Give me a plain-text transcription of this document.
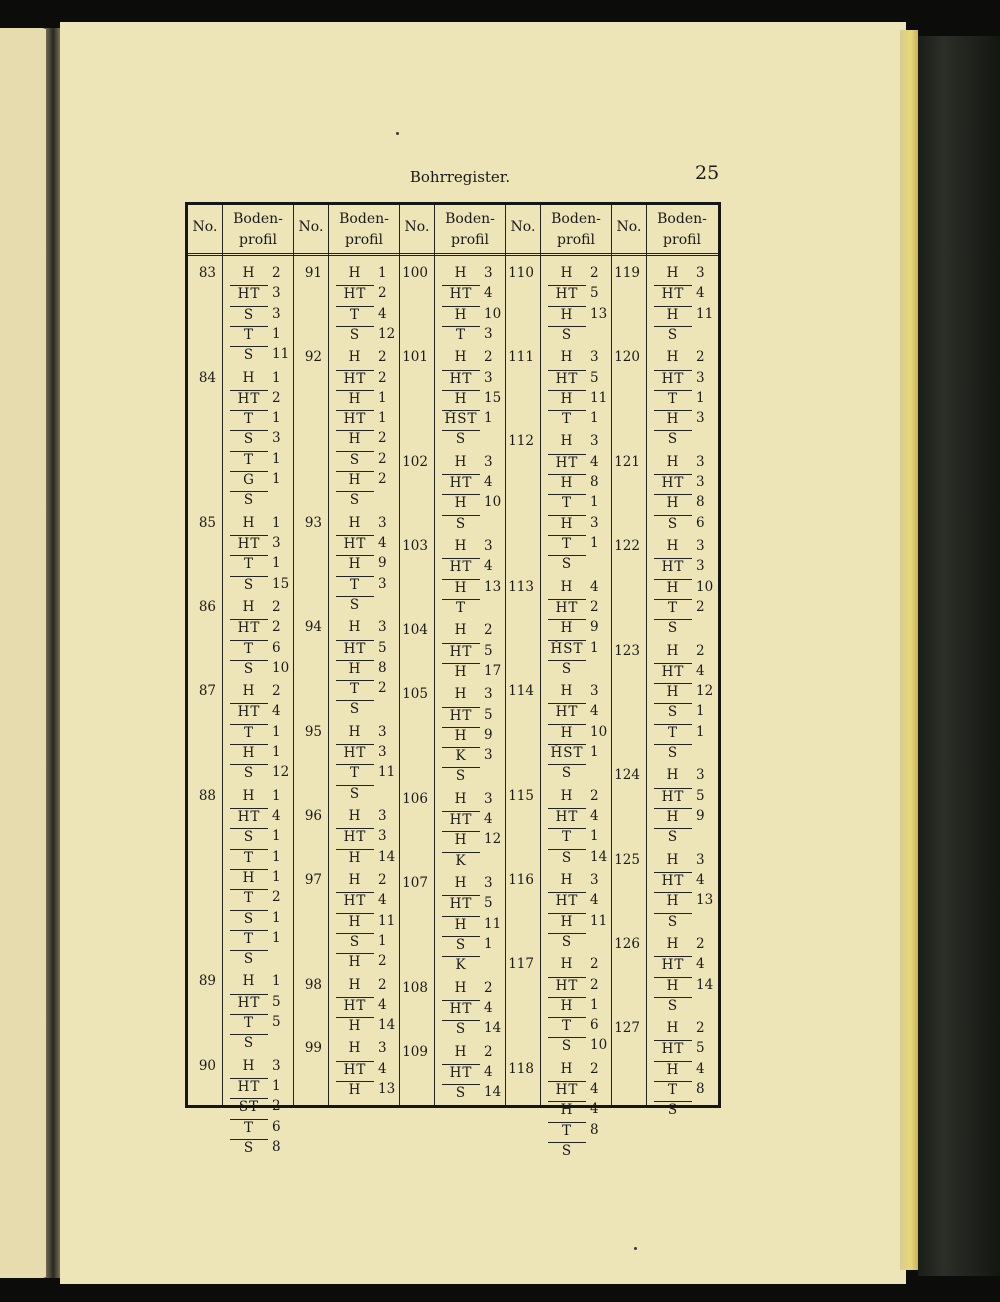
Bohrregister.	25
No.	Boden-
profil
83	H	2
HT 3
S	3
T	1
S	11
84	H	1
HT 2
T	1
S	3
T	1
G	1
S
85	H	1
HT 3
T	1
S	15
86	H	2
HT 2
T	6
S	10
87	H	2
HT 4
T	1
H	1
S	12
88	H	1
HT 4
S	1
T	1
H	1
T	2
S	1
T	1
S
89	H	1
HT 5
T	5
S
90	H	3
HT 1
ST 2
T	6
S	8
No.	Boden-
profil
91	H	1
HT 2
T	4
S	12
92	H	2
HT 2
H	1
HT 1
H	2
S	2
H	2
S
93	H	3
HT 4
H	9
T	3
S
94	H	3
HT 5
H	8
T	2
S
95	H	3
HT 3
T	11
S
96	H	3
HT 3
H	14
97	H	2
HT 4
H	11
S	1
H	2
98	H	2
HT 4
H	14
99	H	3
HT 4
H	13
No.	Boden-
profil
100	H	3
HT 4
H	10
T	3
101	H	2
HT 3
H	15
ȞST 1
S
102	H	3
HT 4
H	10
S
103	H	3
HT 4
H	13
T
104	H	2
HT 5
H	17
105	H	3
HT 5
H	9
K	3
S
106	H	3
HT 4
H	12
K
107	H	3
HT 5
H	11
S	1
K
108	H	2
HT 4
S	14
109	H	2
HT 4
S	14
No.	Boden-
profil
110	H	2
HT 5
H	13
S
111	H	3
HT 5
H	11
T	1
112	H	3
HT 4
H	8
T	1
H	3
T	1
S
113	H	4
HT 2
H	9
ȞST 1
S
114	H	3
HT 4
H	10
ȞST 1
S
115	H	2
HT 4
T	1
S	14
116	H	3
HT 4
H	11
S
117	H	2
HT 2
H	1
T	6
S	10
118	H	2
HT 4
H	4
T	8
S
No.	Boden-
profil
119	H	3
HT 4
H	11
S
120	H	2
HT 3
T	1
H	3
S
121	H	3
HT 3
H	8
S	6
122	H	3
HT 3
H	10
T	2
S
123	H	2
HT 4
H	12
S	1
T	1
S
124	H	3
HT 5
H	9
S
125	H	3
HT 4
H	13
S
126	H	2
HT 4
H	14
S
127	H	2
HT 5
H	4
T	8
S
